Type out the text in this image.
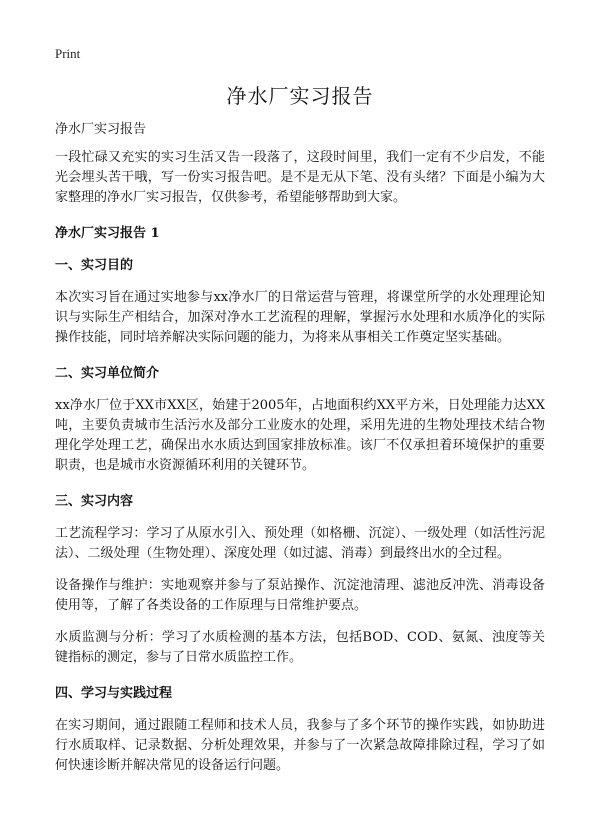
Print
净水厂实习报告

净水厂实习报告

一段忙碌又充实的实习生活又告一段落了，这段时间里，我们一定有不少启发，不能光会埋头苦干哦，写一份实习报告吧。是不是无从下笔、没有头绪？下面是小编为大家整理的净水厂实习报告，仅供参考，希望能够帮助到大家。

净水厂实习报告 1

一、实习目的

本次实习旨在通过实地参与xx净水厂的日常运营与管理，将课堂所学的水处理理论知识与实际生产相结合，加深对净水工艺流程的理解，掌握污水处理和水质净化的实际操作技能，同时培养解决实际问题的能力，为将来从事相关工作奠定坚实基础。

二、实习单位简介

xx净水厂位于XX市XX区，始建于2005年，占地面积约XX平方米，日处理能力达XX吨，主要负责城市生活污水及部分工业废水的处理，采用先进的生物处理技术结合物理化学处理工艺，确保出水水质达到国家排放标准。该厂不仅承担着环境保护的重要职责，也是城市水资源循环利用的关键环节。

三、实习内容

工艺流程学习：学习了从原水引入、预处理（如格栅、沉淀）、一级处理（如活性污泥法）、二级处理（生物处理）、深度处理（如过滤、消毒）到最终出水的全过程。

设备操作与维护：实地观察并参与了泵站操作、沉淀池清理、滤池反冲洗、消毒设备使用等，了解了各类设备的工作原理与日常维护要点。

水质监测与分析：学习了水质检测的基本方法，包括BOD、COD、氨氮、浊度等关键指标的测定，参与了日常水质监控工作。

四、学习与实践过程

在实习期间，通过跟随工程师和技术人员，我参与了多个环节的操作实践，如协助进行水质取样、记录数据、分析处理效果，并参与了一次紧急故障排除过程，学习了如何快速诊断并解决常见的设备运行问题。
